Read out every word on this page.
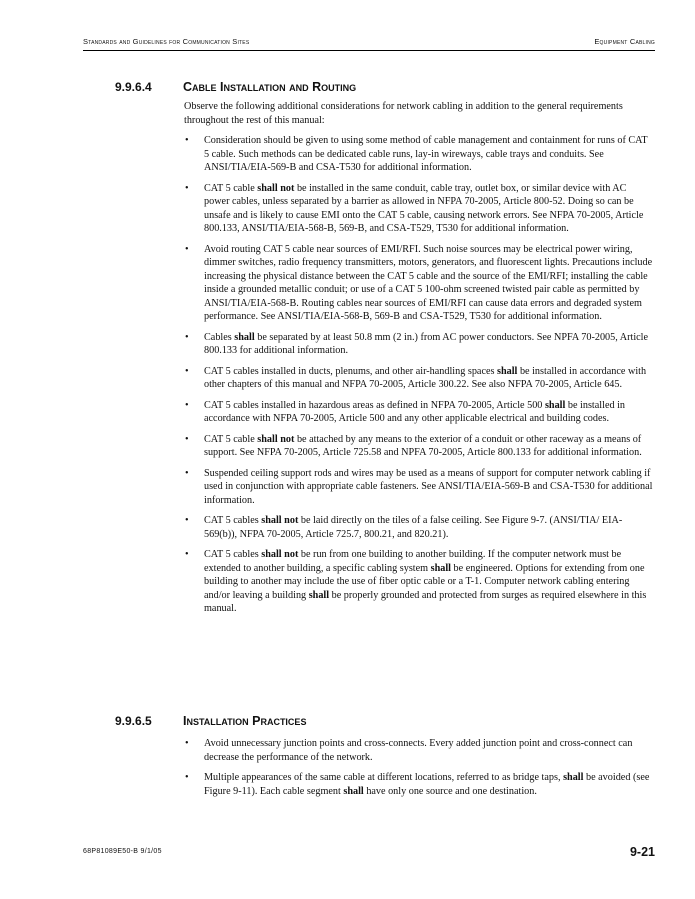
Standards and Guidelines for Communication Sites	Equipment Cabling
9.9.6.4	Cable Installation and Routing

Observe the following additional considerations for network cabling in addition to the general requirements throughout the rest of this manual:

• Consideration should be given to using some method of cable management and containment for runs of CAT 5 cable. Such methods can be dedicated cable runs, lay-in wireways, cable trays and conduits. See ANSI/TIA/EIA-569-B and CSA-T530 for additional information.
• CAT 5 cable shall not be installed in the same conduit, cable tray, outlet box, or similar device with AC power cables, unless separated by a barrier as allowed in NFPA 70-2005, Article 800-52. Doing so can be unsafe and is likely to cause EMI onto the CAT 5 cable, causing network errors. See NFPA 70-2005, Article 800.133, ANSI/TIA/EIA-568-B, 569-B, and CSA-T529, T530 for additional information.
• Avoid routing CAT 5 cable near sources of EMI/RFI. Such noise sources may be electrical power wiring, dimmer switches, radio frequency transmitters, motors, generators, and fluorescent lights. Precautions include increasing the physical distance between the CAT 5 cable and the source of the EMI/RFI; installing the cable inside a grounded metallic conduit; or use of a CAT 5 100-ohm screened twisted pair cable as permitted by ANSI/TIA/EIA-568-B. Routing cables near sources of EMI/RFI can cause data errors and degraded system performance. See ANSI/TIA/EIA-568-B, 569-B and CSA-T529, T530 for additional information.
• Cables shall be separated by at least 50.8 mm (2 in.) from AC power conductors. See NPFA 70-2005, Article 800.133 for additional information.
• CAT 5 cables installed in ducts, plenums, and other air-handling spaces shall be installed in accordance with other chapters of this manual and NFPA 70-2005, Article 300.22. See also NFPA 70-2005, Article 645.
• CAT 5 cables installed in hazardous areas as defined in NFPA 70-2005, Article 500 shall be installed in accordance with NFPA 70-2005, Article 500 and any other applicable electrical and building codes.
• CAT 5 cable shall not be attached by any means to the exterior of a conduit or other raceway as a means of support. See NFPA 70-2005, Article 725.58 and NPFA 70-2005, Article 800.133 for additional information.
• Suspended ceiling support rods and wires may be used as a means of support for computer network cabling if used in conjunction with appropriate cable fasteners. See ANSI/TIA/EIA-569-B and CSA-T530 for additional information.
• CAT 5 cables shall not be laid directly on the tiles of a false ceiling. See Figure 9-7. (ANSI/TIA/ EIA-569(b)), NFPA 70-2005, Article 725.7, 800.21, and 820.21).
• CAT 5 cables shall not be run from one building to another building. If the computer network must be extended to another building, a specific cabling system shall be engineered. Options for extending from one building to another may include the use of fiber optic cable or a T-1. Computer network cabling entering and/or leaving a building shall be properly grounded and protected from surges as required elsewhere in this manual.
9.9.6.5	Installation Practices
• Avoid unnecessary junction points and cross-connects. Every added junction point and cross-connect can decrease the performance of the network.
• Multiple appearances of the same cable at different locations, referred to as bridge taps, shall be avoided (see Figure 9-11). Each cable segment shall have only one source and one destination.
68P81089E50-B 9/1/05	9-21
